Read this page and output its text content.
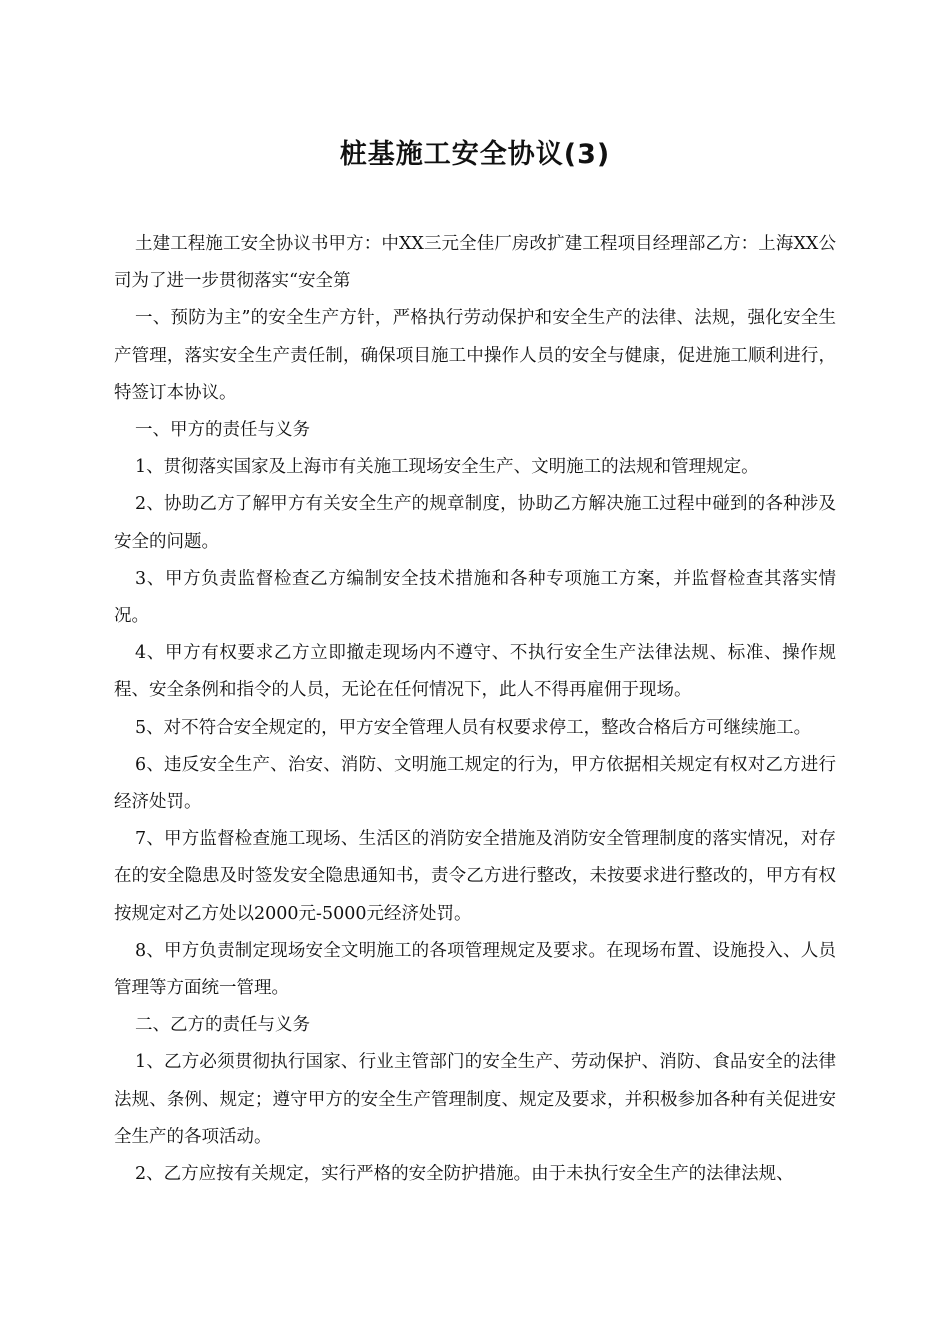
桩基施工安全协议(3)

土建工程施工安全协议书甲方：中XX三元全佳厂房改扩建工程项目经理部乙方：上海XX公司为了进一步贯彻落实“安全第

一、预防为主”的安全生产方针，严格执行劳动保护和安全生产的法律、法规，强化安全生产管理，落实安全生产责任制，确保项目施工中操作人员的安全与健康，促进施工顺利进行，特签订本协议。

一、甲方的责任与义务

1、贯彻落实国家及上海市有关施工现场安全生产、文明施工的法规和管理规定。

2、协助乙方了解甲方有关安全生产的规章制度，协助乙方解决施工过程中碰到的各种涉及安全的问题。

3、甲方负责监督检查乙方编制安全技术措施和各种专项施工方案，并监督检查其落实情况。

4、甲方有权要求乙方立即撤走现场内不遵守、不执行安全生产法律法规、标准、操作规程、安全条例和指令的人员，无论在任何情况下，此人不得再雇佣于现场。

5、对不符合安全规定的，甲方安全管理人员有权要求停工，整改合格后方可继续施工。

6、违反安全生产、治安、消防、文明施工规定的行为，甲方依据相关规定有权对乙方进行经济处罚。

7、甲方监督检查施工现场、生活区的消防安全措施及消防安全管理制度的落实情况，对存在的安全隐患及时签发安全隐患通知书，责令乙方进行整改，未按要求进行整改的，甲方有权按规定对乙方处以2000元-5000元经济处罚。

8、甲方负责制定现场安全文明施工的各项管理规定及要求。在现场布置、设施投入、人员管理等方面统一管理。

二、乙方的责任与义务

1、乙方必须贯彻执行国家、行业主管部门的安全生产、劳动保护、消防、食品安全的法律法规、条例、规定；遵守甲方的安全生产管理制度、规定及要求，并积极参加各种有关促进安全生产的各项活动。

2、乙方应按有关规定，实行严格的安全防护措施。由于未执行安全生产的法律法规、
